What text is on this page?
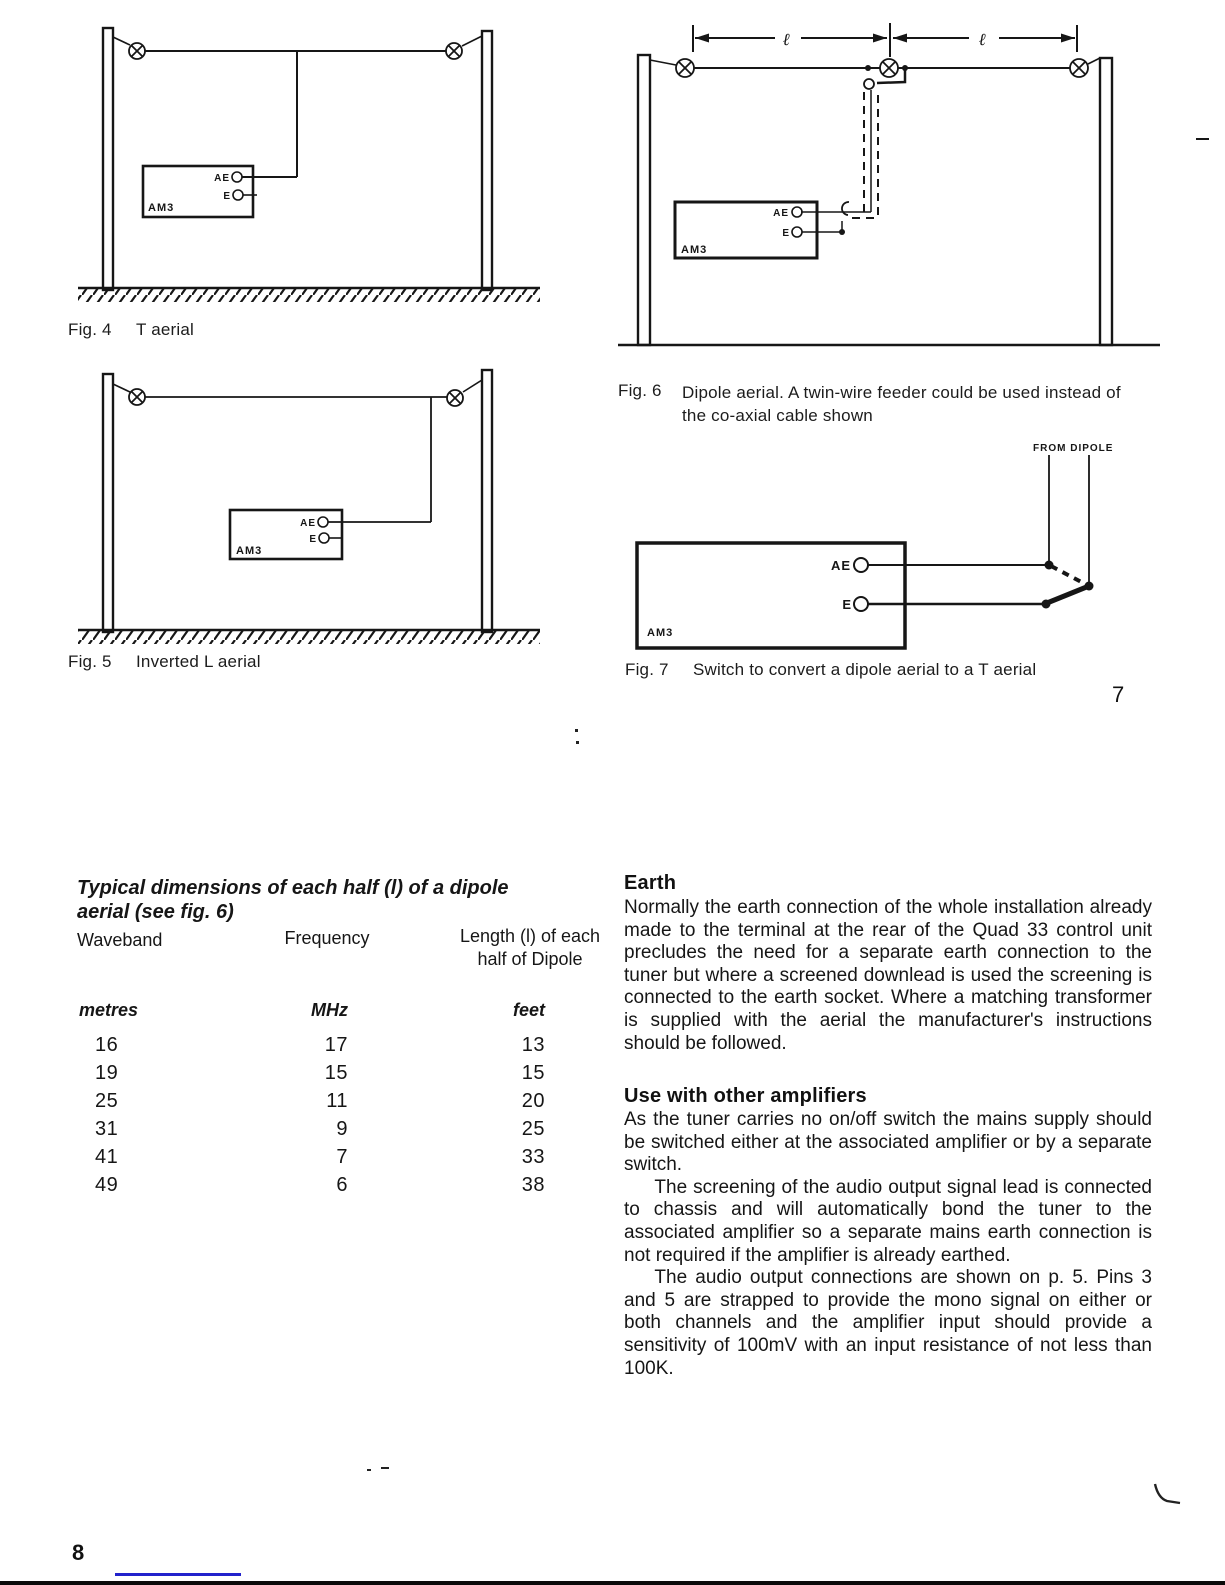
AE
E
AM3
Fig. 4	T aerial
AE
E
AM3
Fig. 5	Inverted L aerial
ℓ	ℓ
AE
E
AM3
Fig. 6	Dipole aerial. A twin-wire feeder could be used instead of
the co-axial cable shown
FROM DIPOLE
AE
E
AM3
Fig. 7	Switch to convert a dipole aerial to a T aerial
7
Typical dimensions of each half (l) of a dipole
aerial (see fig. 6)
Waveband	Frequency	Length (l) of each
half of Dipole
metres	MHz	feet
16	17	13
19	15	15
25	11	20
31	9	25
41	7	33
49	6	38
Earth
Normally the earth connection of the whole installation already made to the terminal at the rear of the Quad 33 control unit precludes the need for a separate earth connection to the tuner but where a screened downlead is used the screening is connected to the earth socket. Where a matching transformer is supplied with the aerial the manufacturer's instructions should be followed.
Use with other amplifiers
As the tuner carries no on/off switch the mains supply should be switched either at the associated amplifier or by a separate switch.
The screening of the audio output signal lead is connected to chassis and will automatically bond the tuner to the associated amplifier so a separate mains earth connection is not required if the amplifier is already earthed.
The audio output connections are shown on p. 5. Pins 3 and 5 are strapped to provide the mono signal on either or both channels and the amplifier input should provide a sensitivity of 100mV with an input resistance of not less than 100K.
8
